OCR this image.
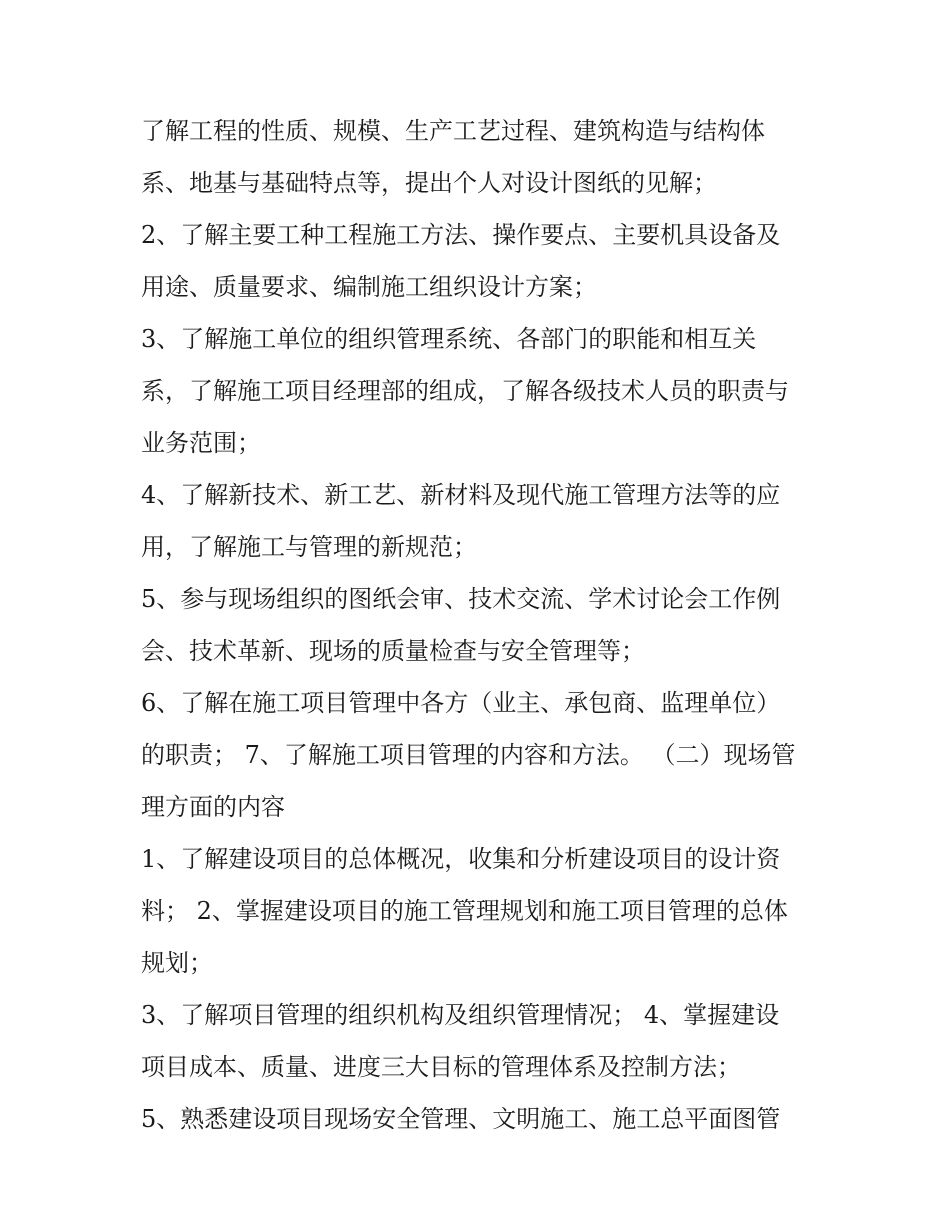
了解工程的性质、规模、生产工艺过程、建筑构造与结构体
系、地基与基础特点等，提出个人对设计图纸的见解；
2、了解主要工种工程施工方法、操作要点、主要机具设备及
用途、质量要求、编制施工组织设计方案；
3、了解施工单位的组织管理系统、各部门的职能和相互关
系，了解施工项目经理部的组成，了解各级技术人员的职责与
业务范围；
4、了解新技术、新工艺、新材料及现代施工管理方法等的应
用，了解施工与管理的新规范；
5、参与现场组织的图纸会审、技术交流、学术讨论会工作例
会、技术革新、现场的质量检查与安全管理等；
6、了解在施工项目管理中各方（业主、承包商、监理单位）
的职责； 7、了解施工项目管理的内容和方法。 （二）现场管
理方面的内容
1、了解建设项目的总体概况，收集和分析建设项目的设计资
料； 2、掌握建设项目的施工管理规划和施工项目管理的总体
规划；
3、了解项目管理的组织机构及组织管理情况； 4、掌握建设
项目成本、质量、进度三大目标的管理体系及控制方法；
5、熟悉建设项目现场安全管理、文明施工、施工总平面图管
